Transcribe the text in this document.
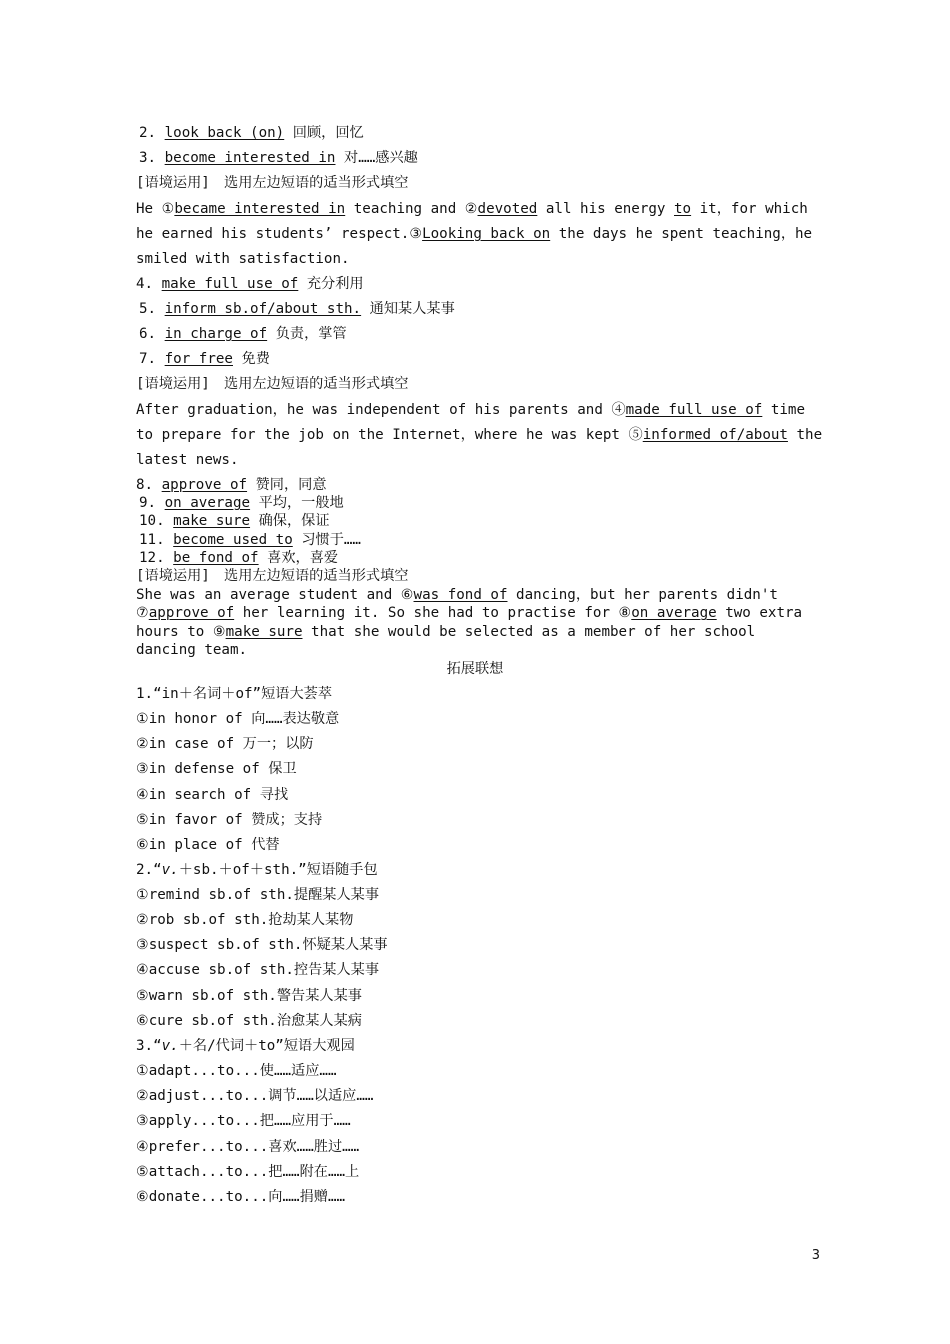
2. look back (on) 回顾，回忆
3. become interested in 对……感兴趣
[语境运用]　选用左边短语的适当形式填空
He ①became interested in teaching and ②devoted all his energy to it，for which
he earned his students’ respect.③Looking back on the days he spent teaching，he
smiled with satisfaction.
4. make full use of 充分利用
5. inform sb.of/about sth. 通知某人某事
6. in charge of 负责，掌管
7. for free 免费
[语境运用]　选用左边短语的适当形式填空
After graduation，he was independent of his parents and ④made full use of time
to prepare for the job on the Internet，where he was kept ⑤informed of/about the
latest news.
8. approve of 赞同，同意
9. on average 平均，一般地
10. make sure 确保，保证
11. become used to 习惯于……
12. be fond of 喜欢，喜爱
[语境运用]　选用左边短语的适当形式填空
She was an average student and ⑥was fond of dancing，but her parents didn't
⑦approve of her learning it. So she had to practise for ⑧on average two extra
hours to ⑨make sure that she would be selected as a member of her school
dancing team.
拓展联想
1.“in＋名词＋of”短语大荟萃
①in honor of 向……表达敬意
②in case of 万一；以防
③in defense of 保卫
④in search of 寻找
⑤in favor of 赞成；支持
⑥in place of 代替
2.“v.＋sb.＋of＋sth.”短语随手包
①remind sb.of sth.提醒某人某事
②rob sb.of sth.抢劫某人某物
③suspect sb.of sth.怀疑某人某事
④accuse sb.of sth.控告某人某事
⑤warn sb.of sth.警告某人某事
⑥cure sb.of sth.治愈某人某病
3.“v.＋名/代词＋to”短语大观园
①adapt...to...使……适应……
②adjust...to...调节……以适应……
③apply...to...把……应用于……
④prefer...to...喜欢……胜过……
⑤attach...to...把……附在……上
⑥donate...to...向……捐赠……
3
